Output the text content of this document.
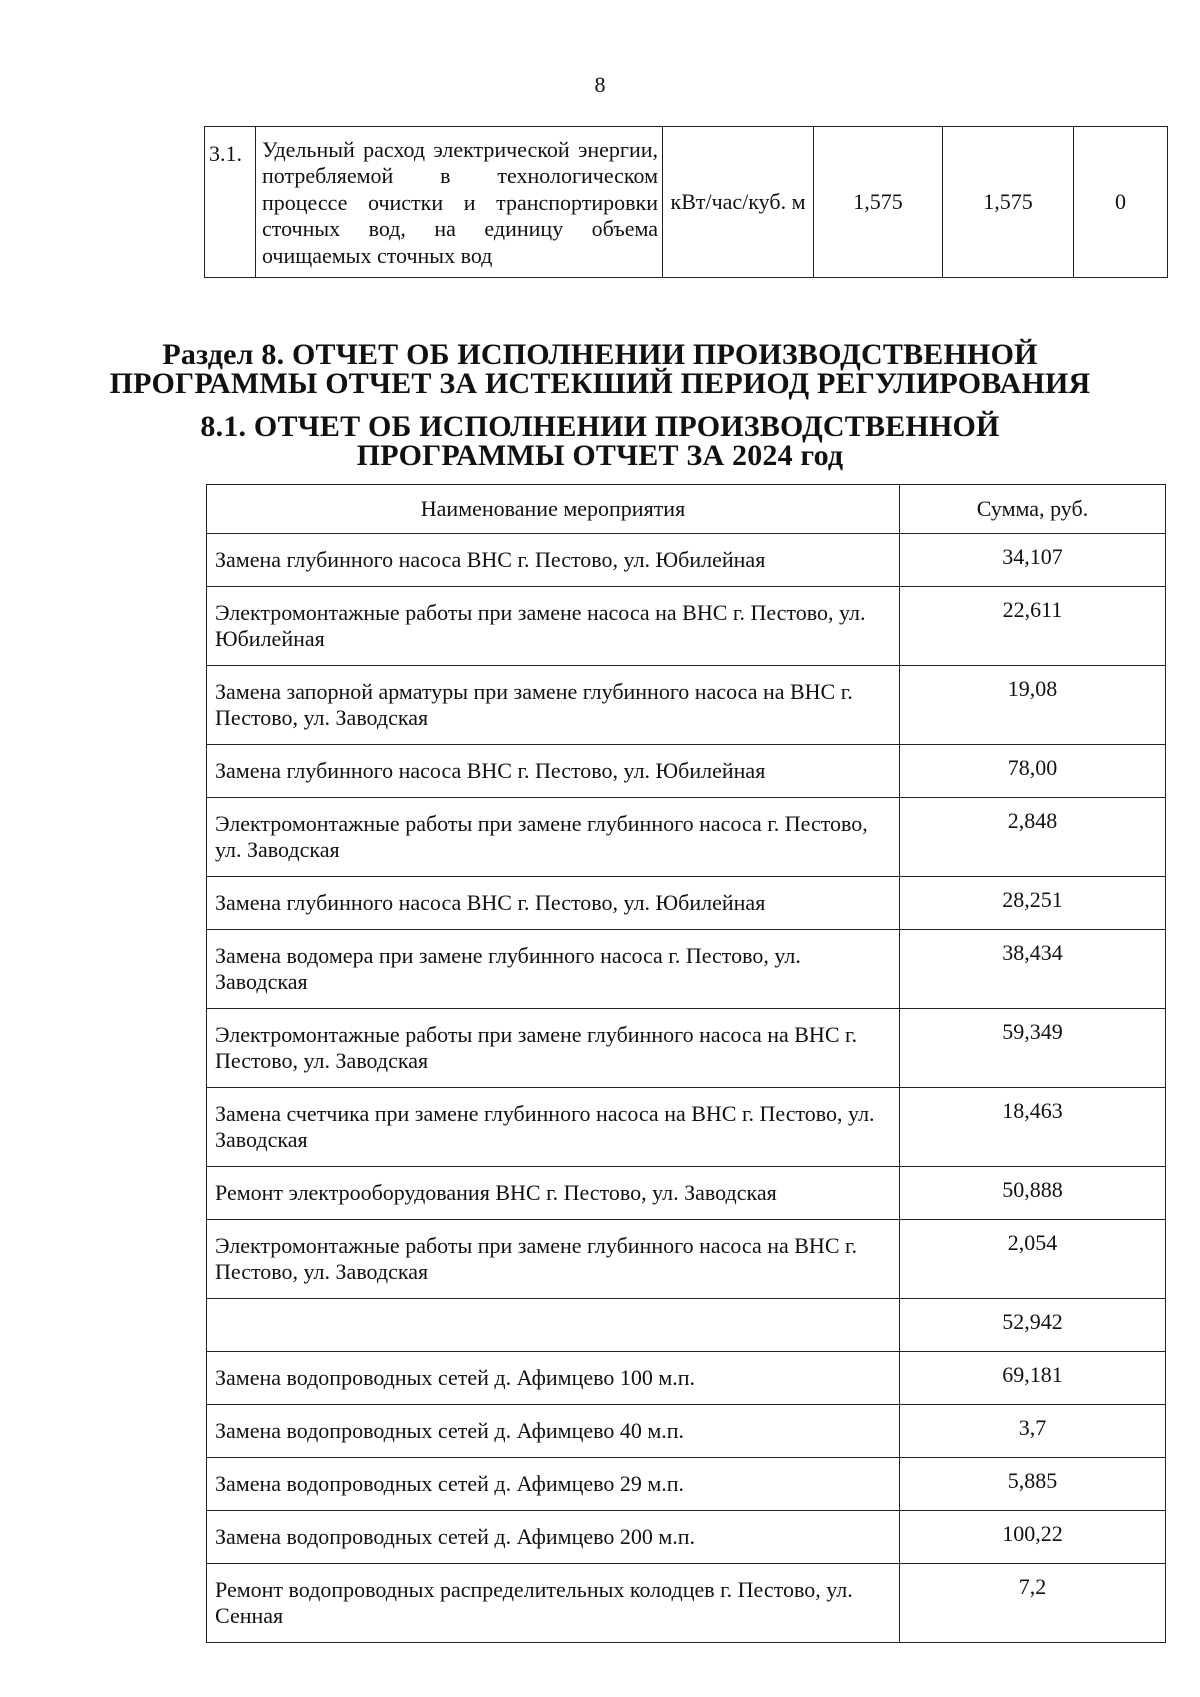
8
3.1.	Удельный расход электрической энергии, потребляемой в технологическом процессе очистки и транспортировки сточных вод, на единицу объема очищаемых сточных вод	кВт/час/куб. м	1,575	1,575	0
Раздел 8. ОТЧЕТ ОБ ИСПОЛНЕНИИ ПРОИЗВОДСТВЕННОЙ
ПРОГРАММЫ ОТЧЕТ ЗА ИСТЕКШИЙ ПЕРИОД РЕГУЛИРОВАНИЯ
8.1. ОТЧЕТ ОБ ИСПОЛНЕНИИ ПРОИЗВОДСТВЕННОЙ
ПРОГРАММЫ ОТЧЕТ ЗА 2024 год
Наименование мероприятия	Сумма, руб.
Замена глубинного насоса ВНС г. Пестово, ул. Юбилейная	34,107
Электромонтажные работы при замене насоса на ВНС г. Пестово, ул. Юбилейная	22,611
Замена запорной арматуры при замене глубинного насоса на ВНС г. Пестово, ул. Заводская	19,08
Замена глубинного насоса ВНС г. Пестово, ул. Юбилейная	78,00
Электромонтажные работы при замене глубинного насоса г. Пестово, ул. Заводская	2,848
Замена глубинного насоса ВНС г. Пестово, ул. Юбилейная	28,251
Замена водомера при замене глубинного насоса г. Пестово, ул. Заводская	38,434
Электромонтажные работы при замене глубинного насоса на ВНС г. Пестово, ул. Заводская	59,349
Замена счетчика при замене глубинного насоса на ВНС г. Пестово, ул. Заводская	18,463
Ремонт электрооборудования ВНС г. Пестово, ул. Заводская	50,888
Электромонтажные работы при замене глубинного насоса на ВНС г. Пестово, ул. Заводская	2,054
	52,942
Замена водопроводных сетей д. Афимцево 100 м.п.	69,181
Замена водопроводных сетей д. Афимцево 40 м.п.	3,7
Замена водопроводных сетей д. Афимцево 29 м.п.	5,885
Замена водопроводных сетей д. Афимцево 200 м.п.	100,22
Ремонт водопроводных распределительных колодцев г. Пестово, ул. Сенная	7,2
